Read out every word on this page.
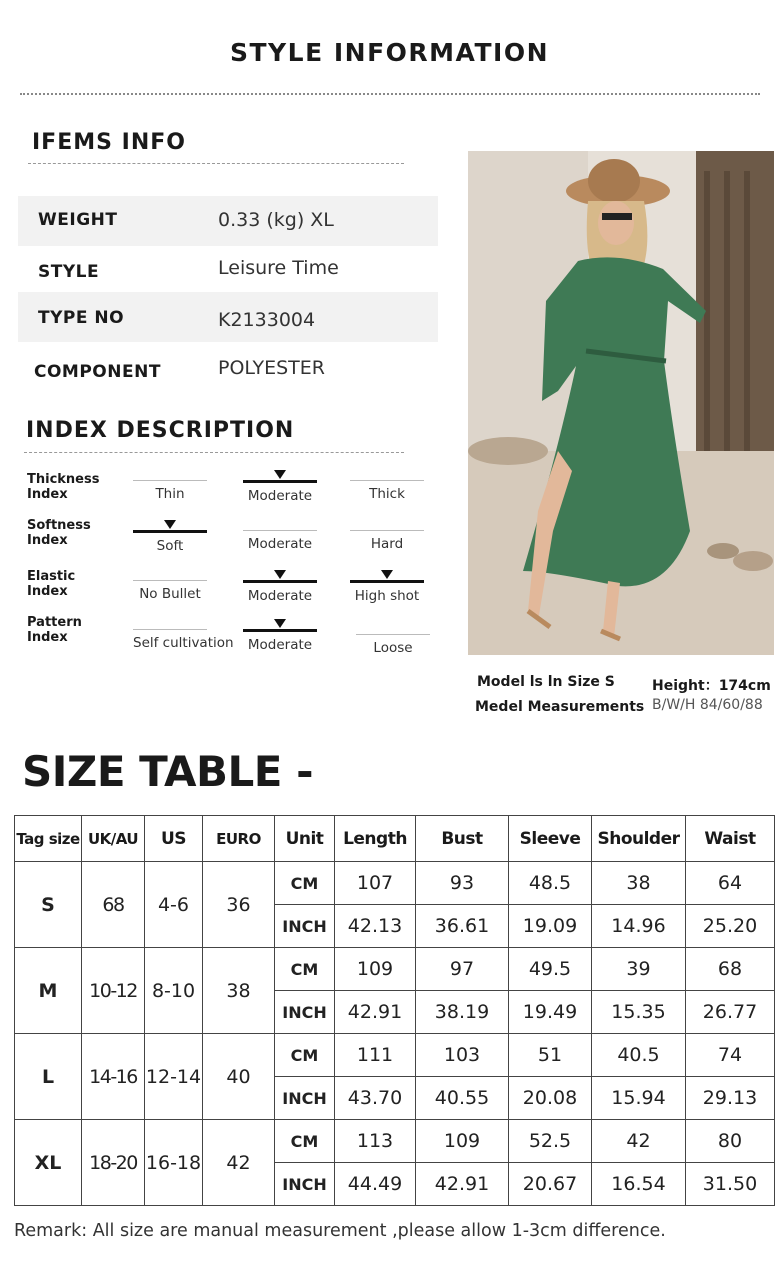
STYLE INFORMATION
IFEMS INFO
WEIGHT	0.33 (kg) XL
STYLE	Leisure Time
TYPE NO	K2133004
COMPONENT	POLYESTER
INDEX DESCRIPTION
Thickness Index	Thin	Moderate	Thick
Softness Index	Soft	Moderate	Hard
Elastic Index	No Bullet	Moderate	High shot
Pattern Index	Self cultivation	Moderate	Loose
Model ls ln Size S	Height：174cm
Medel Measurements B/W/H 84/60/88
SIZE TABLE -
Tag size	UK/AU	US	EURO	Unit	Length	Bust	Sleeve	Shoulder	Waist
S	68	4-6	36	CM	107	93	48.5	38	64
				INCH	42.13	36.61	19.09	14.96	25.20
M	10-12	8-10	38	CM	109	97	49.5	39	68
				INCH	42.91	38.19	19.49	15.35	26.77
L	14-16	12-14	40	CM	111	103	51	40.5	74
				INCH	43.70	40.55	20.08	15.94	29.13
XL	18-20	16-18	42	CM	113	109	52.5	42	80
				INCH	44.49	42.91	20.67	16.54	31.50
Remark: All size are manual measurement ,please allow 1-3cm difference.
